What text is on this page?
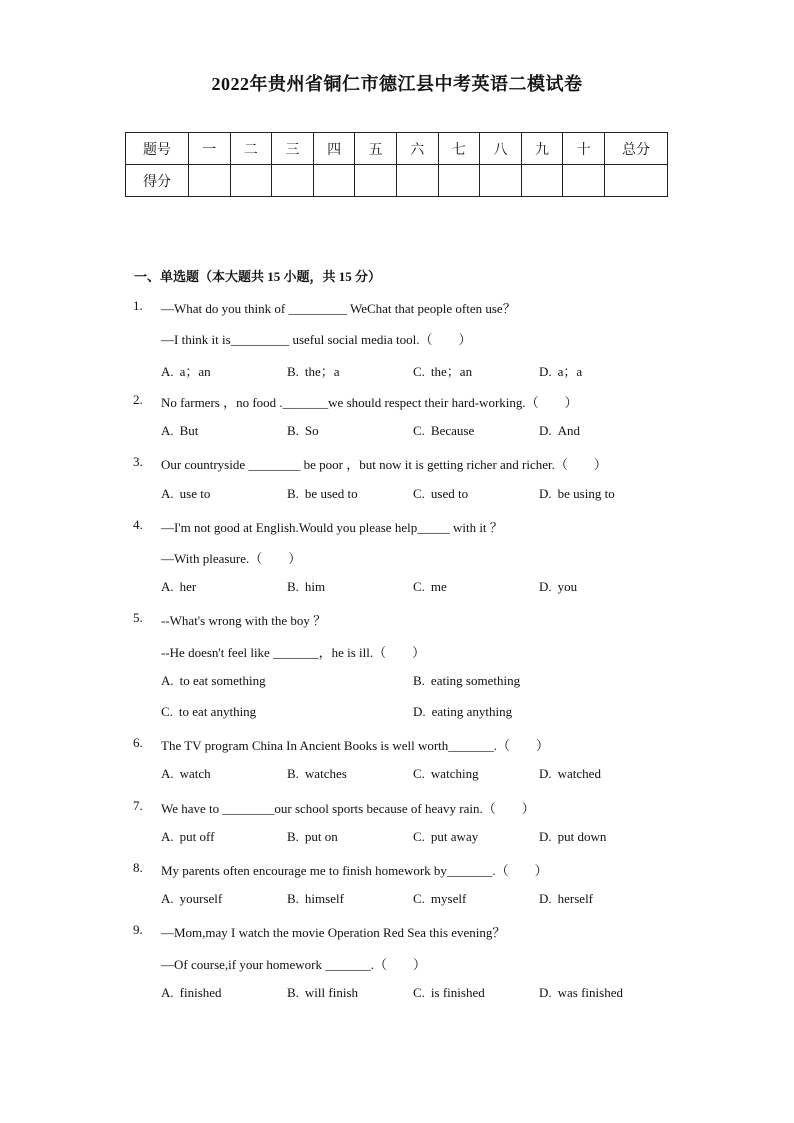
2022年贵州省铜仁市德江县中考英语二模试卷
题号	一	二	三	四	五	六	七	八	九	十	总分
得分											
一、单选题（本大题共 15 小题，共 15 分）
1. —What do you think of _________ WeChat that people often use？
—I think it is_________ useful social media tool.（　　）
A. a；an	B. the；a	C. the；an	D. a；a
2. No farmers ，no food ._______we should respect their hard-working.（　　）
A. But	B. So	C. Because	D. And
3. Our countryside ________ be poor ，but now it is getting richer and richer.（　　）
A. use to	B. be used to	C. used to	D. be using to
4. —I'm not good at English.Would you please help_____ with it ？
—With pleasure.（　　）
A. her	B. him	C. me	D. you
5. --What's wrong with the boy ？
--He doesn't feel like _______，he is ill.（　　）
A. to eat something	B. eating something
C. to eat anything	D. eating anything
6. The TV program China In Ancient Books is well worth_______.（　　）
A. watch	B. watches	C. watching	D. watched
7. We have to ________our school sports because of heavy rain.（　　）
A. put off	B. put on	C. put away	D. put down
8. My parents often encourage me to finish homework by_______.（　　）
A. yourself	B. himself	C. myself	D. herself
9. —Mom,may I watch the movie Operation Red Sea this evening？
—Of course,if your homework _______.（　　）
A. finished	B. will finish	C. is finished	D. was finished
